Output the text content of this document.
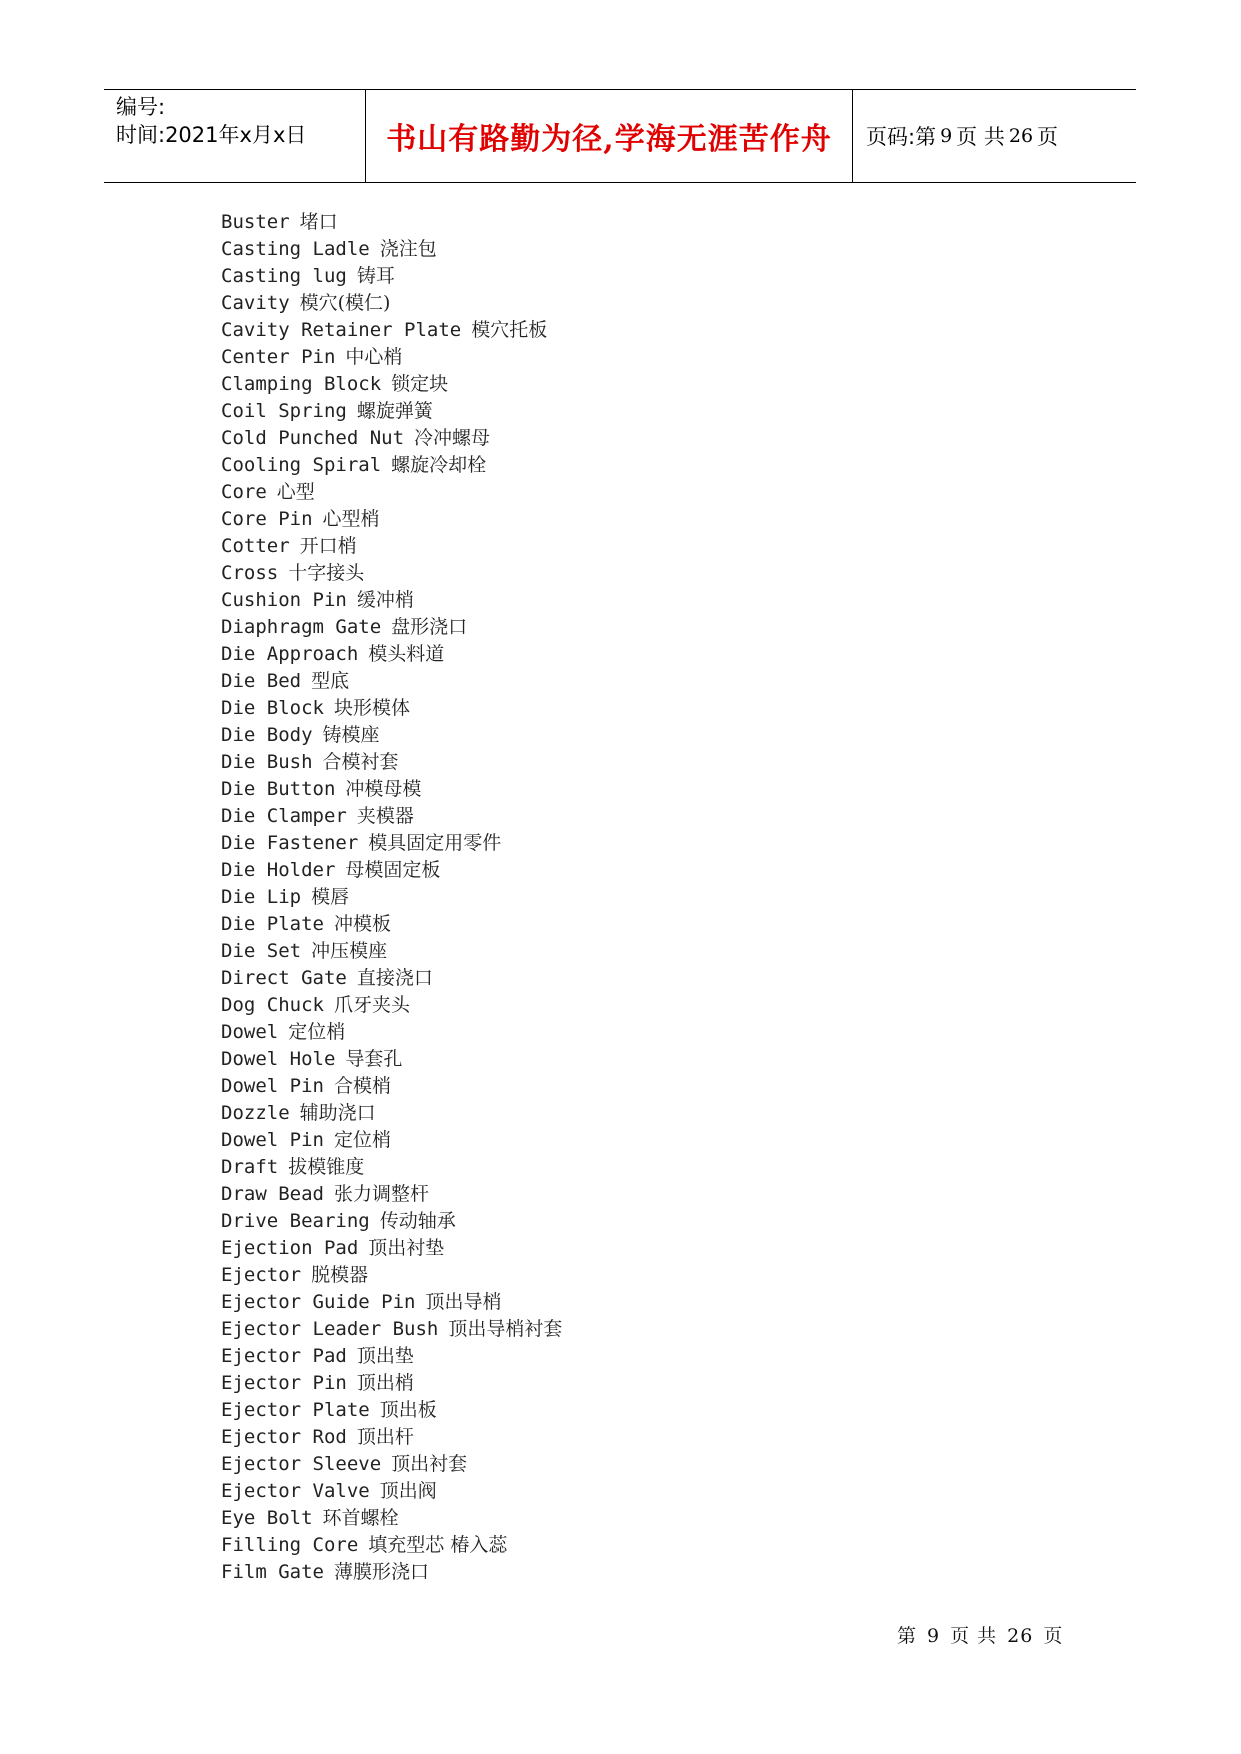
编号:
时间:2021年x月x日	书山有路勤为径,学海无涯苦作舟 页码:第 9 页 共 26 页
Buster 堵口
Casting Ladle 浇注包
Casting lug 铸耳
Cavity 模穴(模仁)
Cavity Retainer Plate 模穴托板
Center Pin 中心梢
Clamping Block 锁定块
Coil Spring 螺旋弹簧
Cold Punched Nut 冷冲螺母
Cooling Spiral 螺旋冷却栓
Core 心型
Core Pin 心型梢
Cotter 开口梢
Cross 十字接头
Cushion Pin 缓冲梢
Diaphragm Gate 盘形浇口
Die Approach 模头料道
Die Bed 型底
Die Block 块形模体
Die Body 铸模座
Die Bush 合模衬套
Die Button 冲模母模
Die Clamper 夹模器
Die Fastener 模具固定用零件
Die Holder 母模固定板
Die Lip 模唇
Die Plate 冲模板
Die Set 冲压模座
Direct Gate 直接浇口
Dog Chuck 爪牙夹头
Dowel 定位梢
Dowel Hole 导套孔
Dowel Pin 合模梢
Dozzle 辅助浇口
Dowel Pin 定位梢
Draft 拔模锥度
Draw Bead 张力调整杆
Drive Bearing 传动轴承
Ejection Pad 顶出衬垫
Ejector 脱模器
Ejector Guide Pin 顶出导梢
Ejector Leader Bush 顶出导梢衬套
Ejector Pad 顶出垫
Ejector Pin 顶出梢
Ejector Plate 顶出板
Ejector Rod 顶出杆
Ejector Sleeve 顶出衬套
Ejector Valve 顶出阀
Eye Bolt 环首螺栓
Filling Core 填充型芯 椿入蕊
Film Gate 薄膜形浇口
第 9 页 共 26 页
